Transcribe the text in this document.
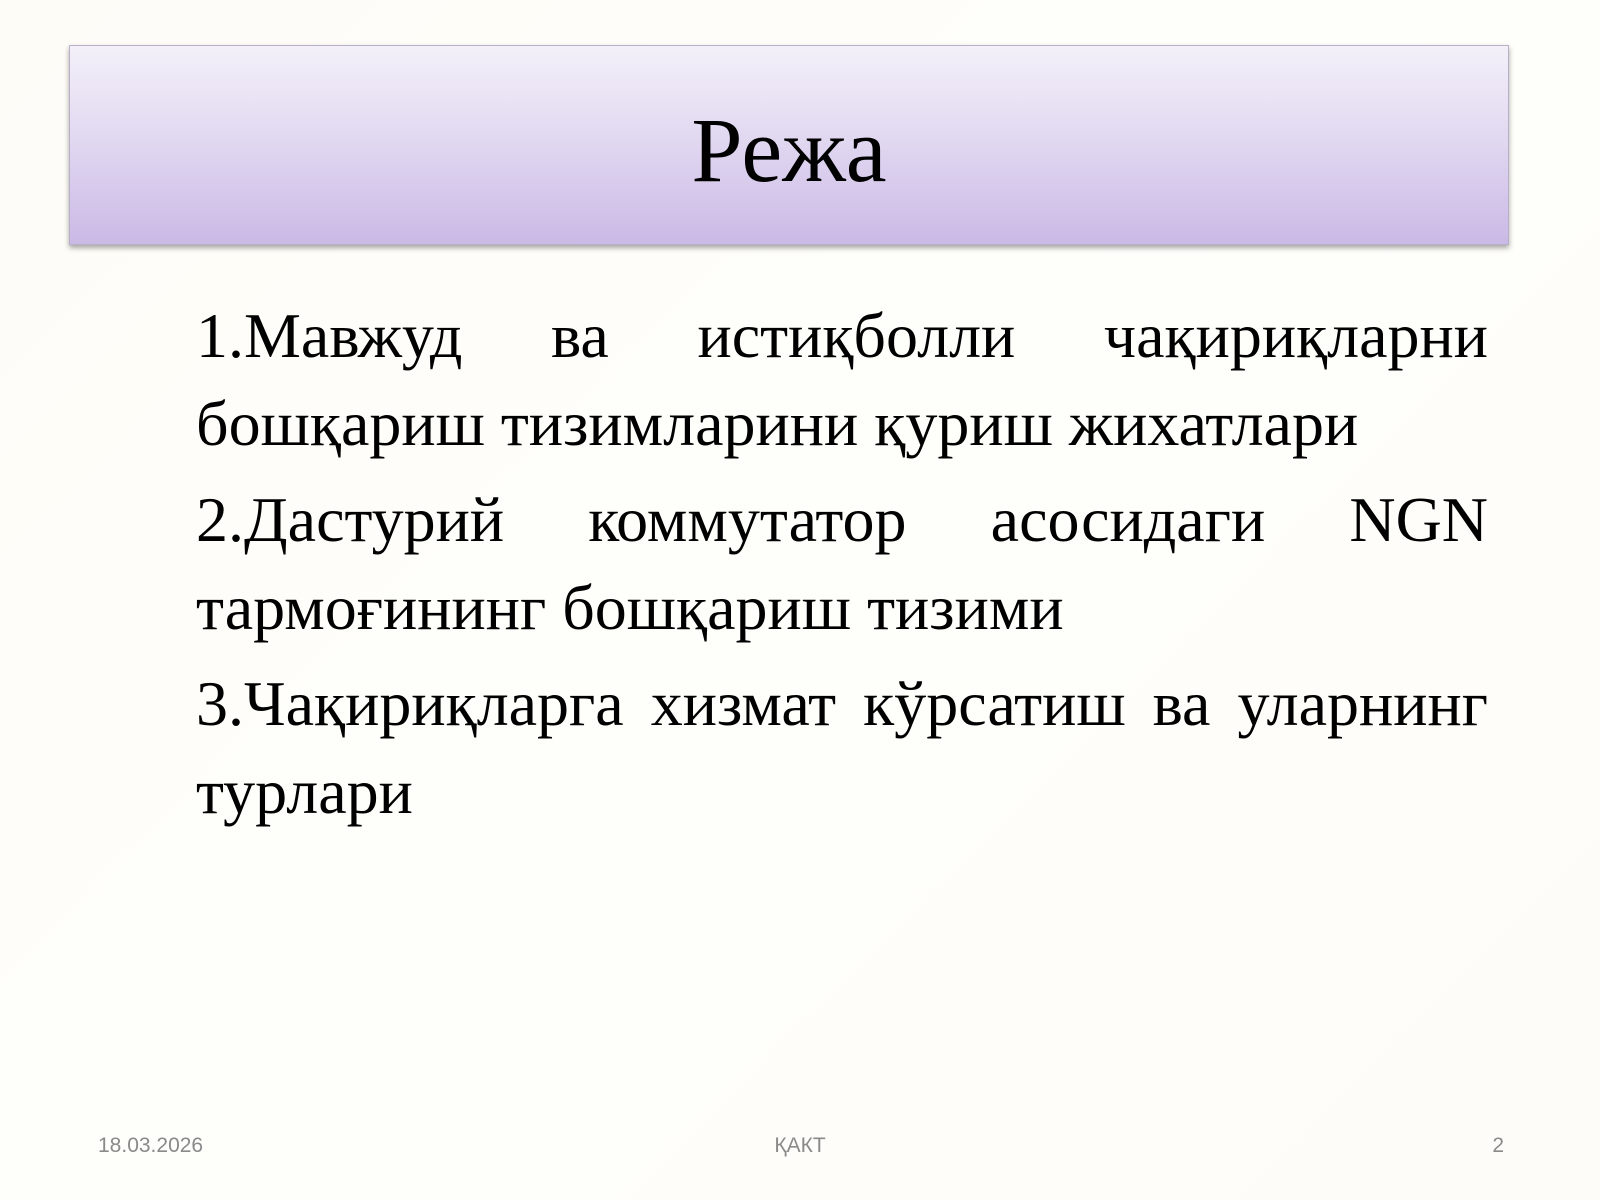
Режа

1.Мавжуд ва истиқболли чақириқларни бошқариш тизимларини қуриш жихатлари

2.Дастурий коммутатор асосидаги NGN тармоғининг бошқариш тизими

3.Чақириқларга хизмат кўрсатиш ва уларнинг турлари

18.03.2026	ҚАКТ	2
